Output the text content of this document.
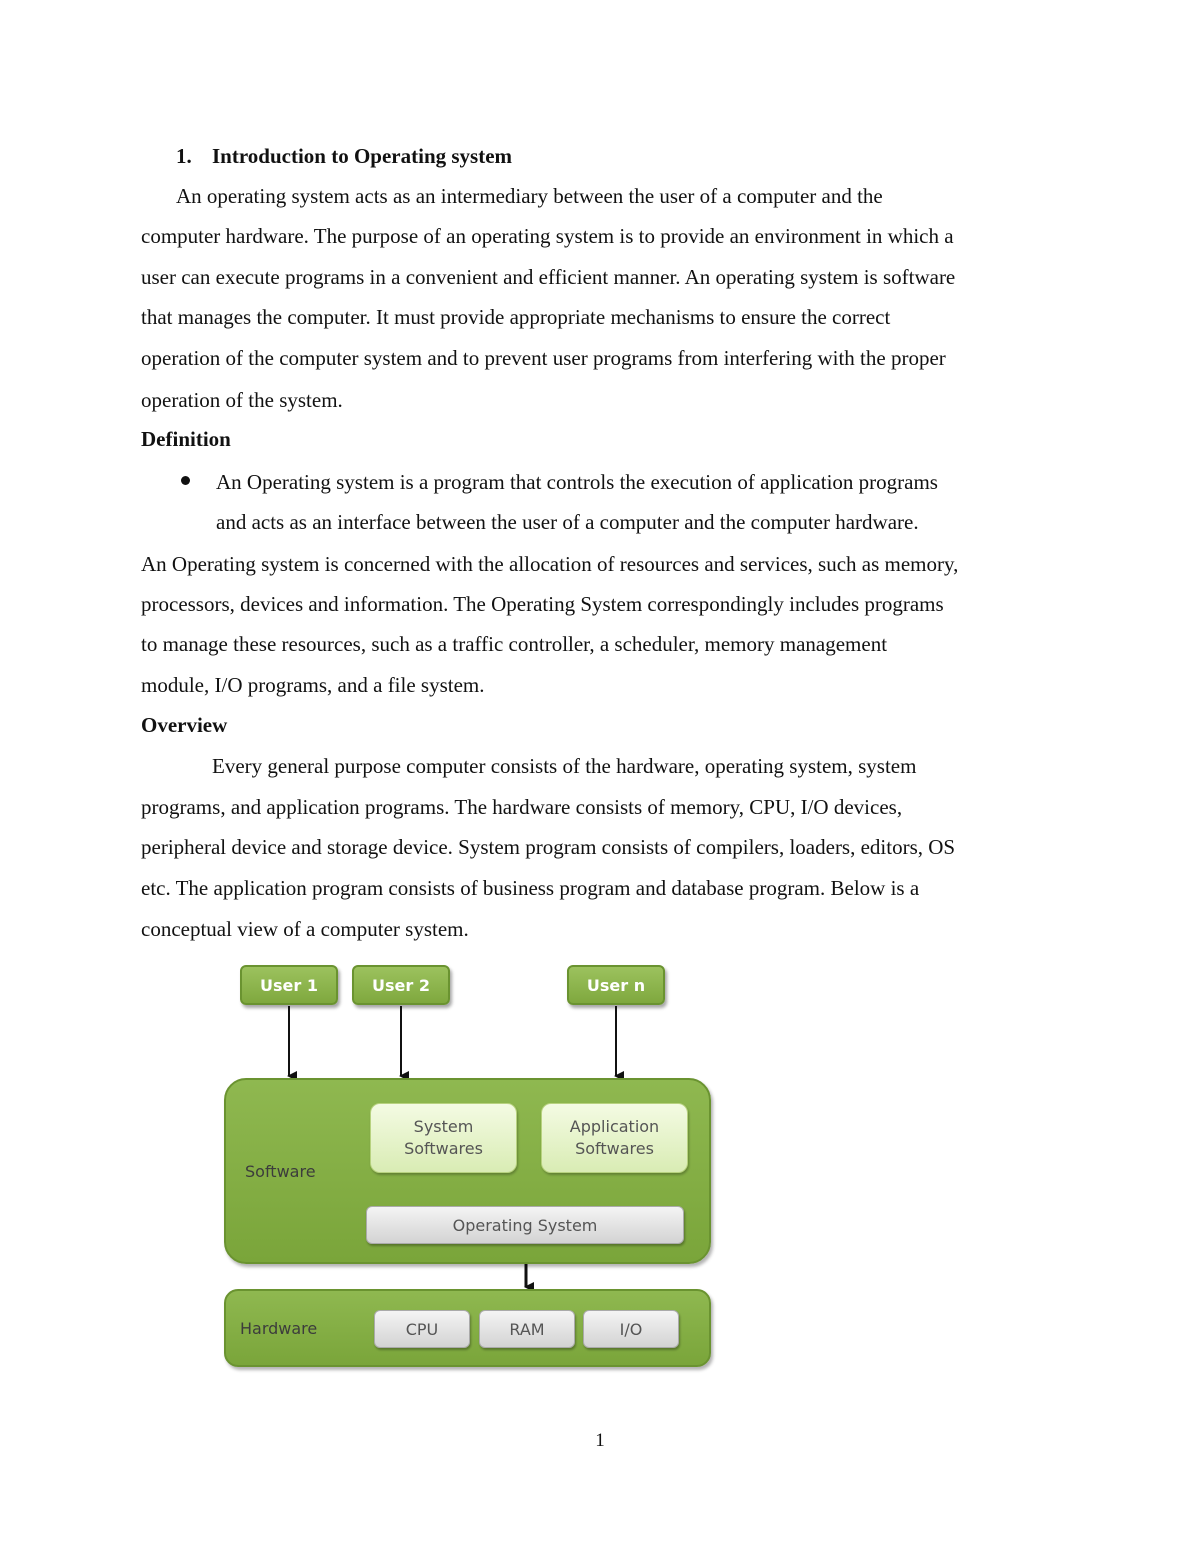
1. Introduction to Operating system
An operating system acts as an intermediary between the user of a computer and the
computer hardware. The purpose of an operating system is to provide an environment in which a
user can execute programs in a convenient and efficient manner. An operating system is software
that manages the computer. It must provide appropriate mechanisms to ensure the correct
operation of the computer system and to prevent user programs from interfering with the proper
operation of the system.
Definition
An Operating system is a program that controls the execution of application programs
and acts as an interface between the user of a computer and the computer hardware.
An Operating system is concerned with the allocation of resources and services, such as memory,
processors, devices and information. The Operating System correspondingly includes programs
to manage these resources, such as a traffic controller, a scheduler, memory management
module, I/O programs, and a file system.
Overview
Every general purpose computer consists of the hardware, operating system, system
programs, and application programs. The hardware consists of memory, CPU, I/O devices,
peripheral device and storage device. System program consists of compilers, loaders, editors, OS
etc. The application program consists of business program and database program. Below is a
conceptual view of a computer system.
User 1	User 2	User n
Software
System
Softwares
Application
Softwares
Operating System
Hardware	CPU	RAM	I/O
1
